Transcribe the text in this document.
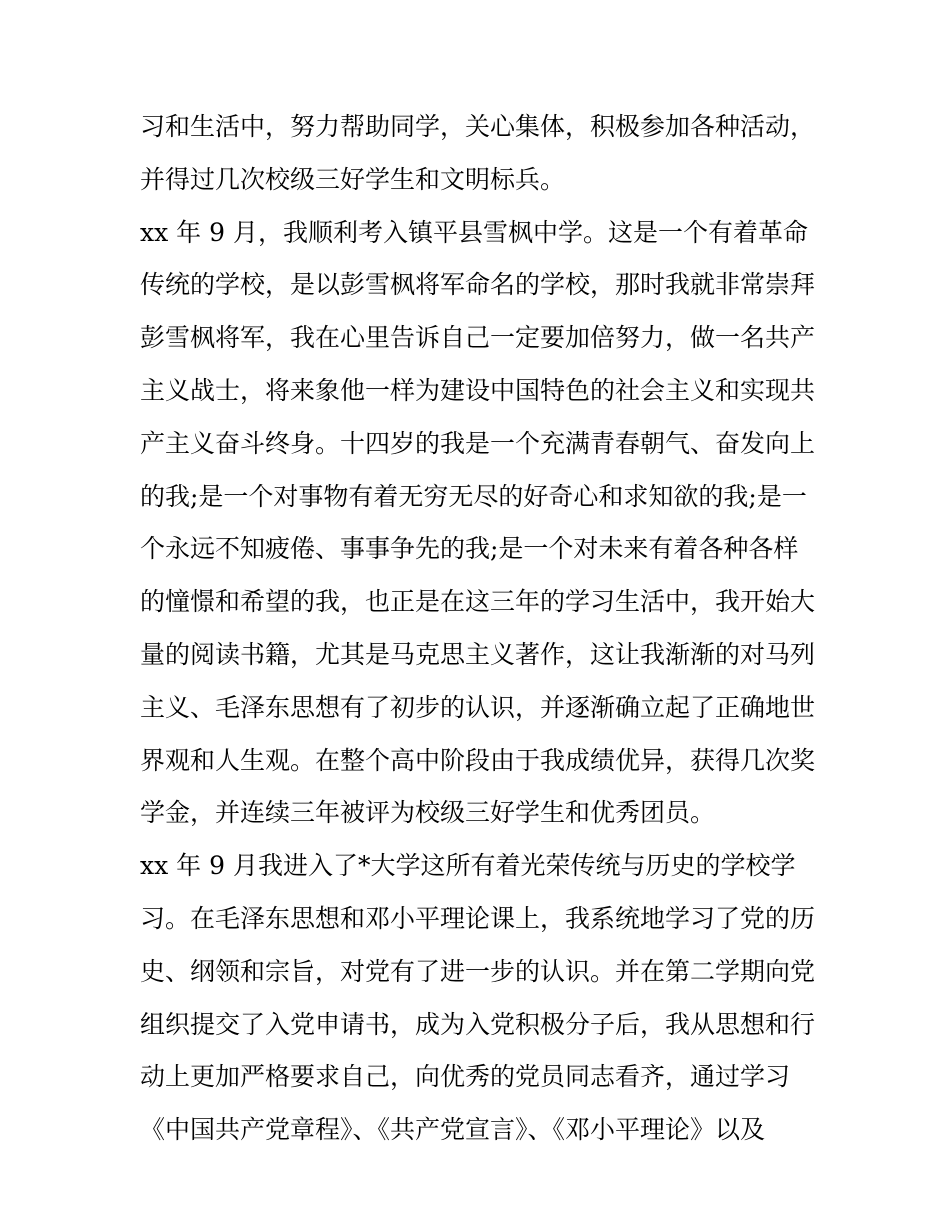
习和生活中，努力帮助同学，关心集体，积极参加各种活动，
并得过几次校级三好学生和文明标兵。
xx 年 9 月，我顺利考入镇平县雪枫中学。这是一个有着革命
传统的学校，是以彭雪枫将军命名的学校，那时我就非常崇拜
彭雪枫将军，我在心里告诉自己一定要加倍努力，做一名共产
主义战士，将来象他一样为建设中国特色的社会主义和实现共
产主义奋斗终身。十四岁的我是一个充满青春朝气、奋发向上
的我;是一个对事物有着无穷无尽的好奇心和求知欲的我;是一
个永远不知疲倦、事事争先的我;是一个对未来有着各种各样
的憧憬和希望的我，也正是在这三年的学习生活中，我开始大
量的阅读书籍，尤其是马克思主义著作，这让我渐渐的对马列
主义、毛泽东思想有了初步的认识，并逐渐确立起了正确地世
界观和人生观。在整个高中阶段由于我成绩优异，获得几次奖
学金，并连续三年被评为校级三好学生和优秀团员。
xx 年 9 月我进入了*大学这所有着光荣传统与历史的学校学
习。在毛泽东思想和邓小平理论课上，我系统地学习了党的历
史、纲领和宗旨，对党有了进一步的认识。并在第二学期向党
组织提交了入党申请书，成为入党积极分子后，我从思想和行
动上更加严格要求自己，向优秀的党员同志看齐，通过学习
《中国共产党章程》、《共产党宣言》、《邓小平理论》以及
